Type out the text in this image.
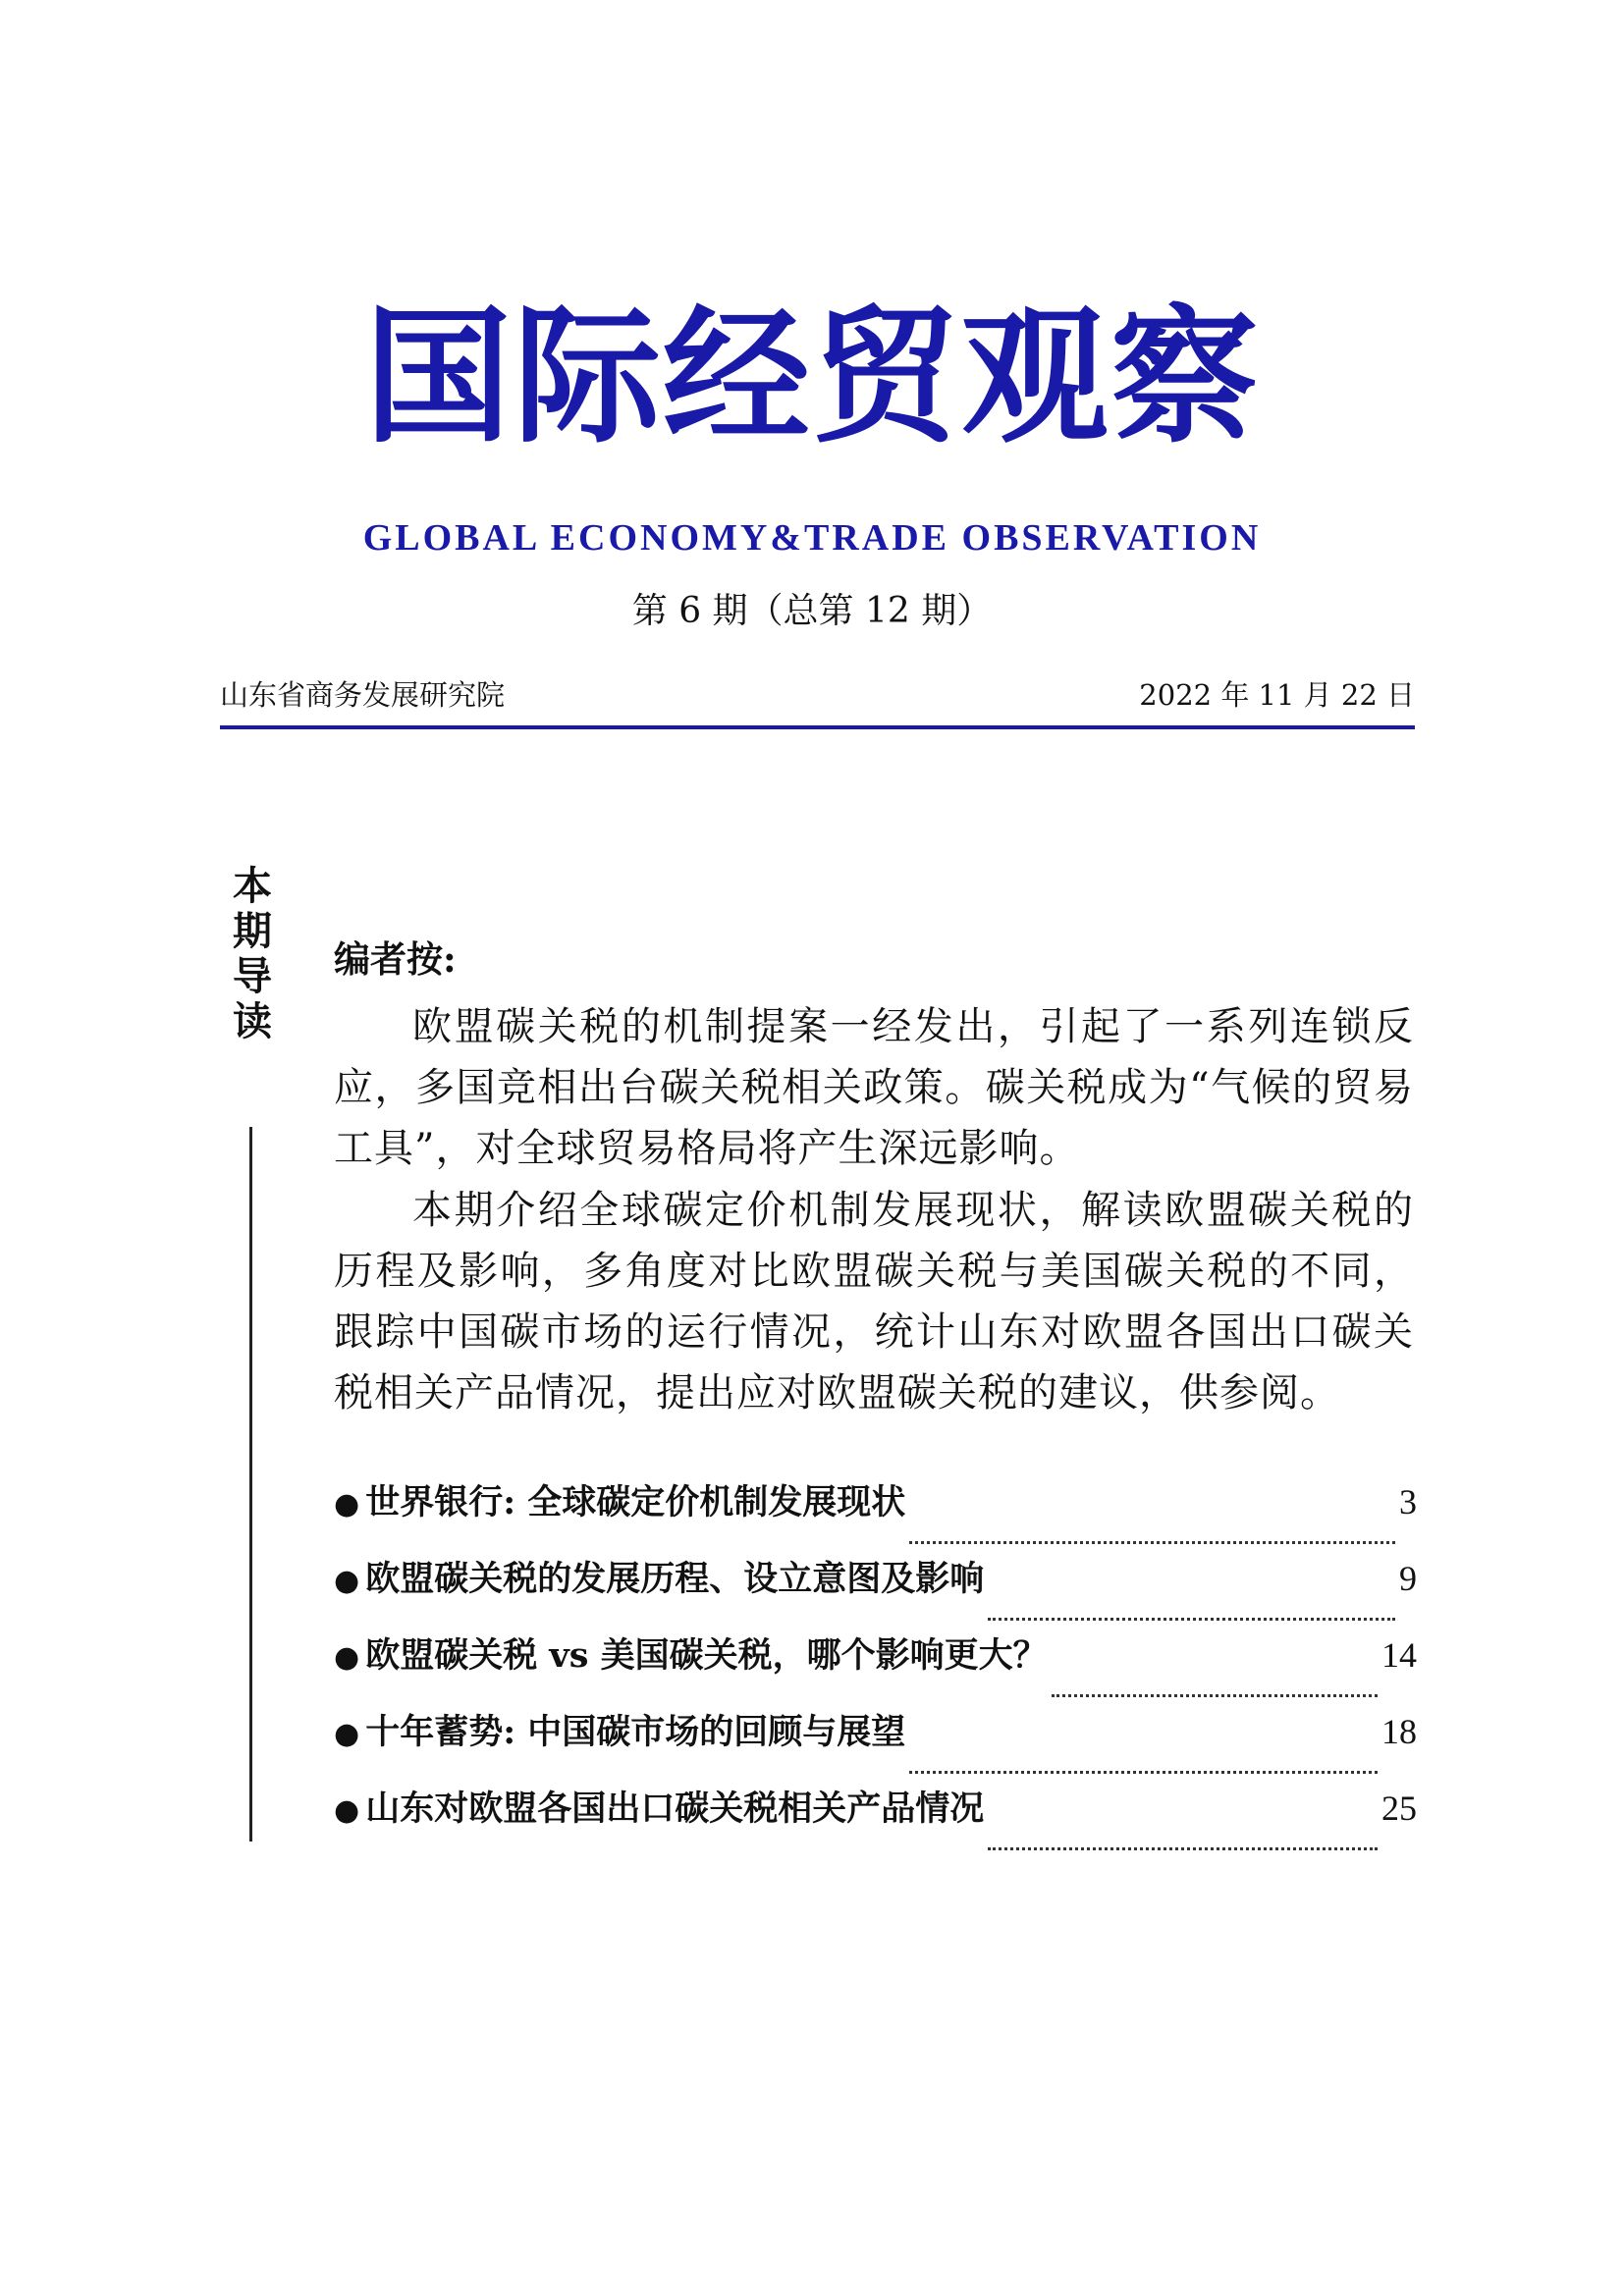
国际经贸观察
GLOBAL ECONOMY&TRADE OBSERVATION
第 6 期（总第 12 期）
山东省商务发展研究院	2022 年 11 月 22 日
本
期
导
读
编者按:
欧盟碳关税的机制提案一经发出，引起了一系列连锁反应，多国竞相出台碳关税相关政策。碳关税成为“气候的贸易工具”，对全球贸易格局将产生深远影响。
本期介绍全球碳定价机制发展现状，解读欧盟碳关税的历程及影响，多角度对比欧盟碳关税与美国碳关税的不同，跟踪中国碳市场的运行情况，统计山东对欧盟各国出口碳关税相关产品情况，提出应对欧盟碳关税的建议，供参阅。
● 世界银行: 全球碳定价机制发展现状	3
● 欧盟碳关税的发展历程、设立意图及影响	9
● 欧盟碳关税 vs 美国碳关税，哪个影响更大？	14
● 十年蓄势: 中国碳市场的回顾与展望	18
● 山东对欧盟各国出口碳关税相关产品情况	25
